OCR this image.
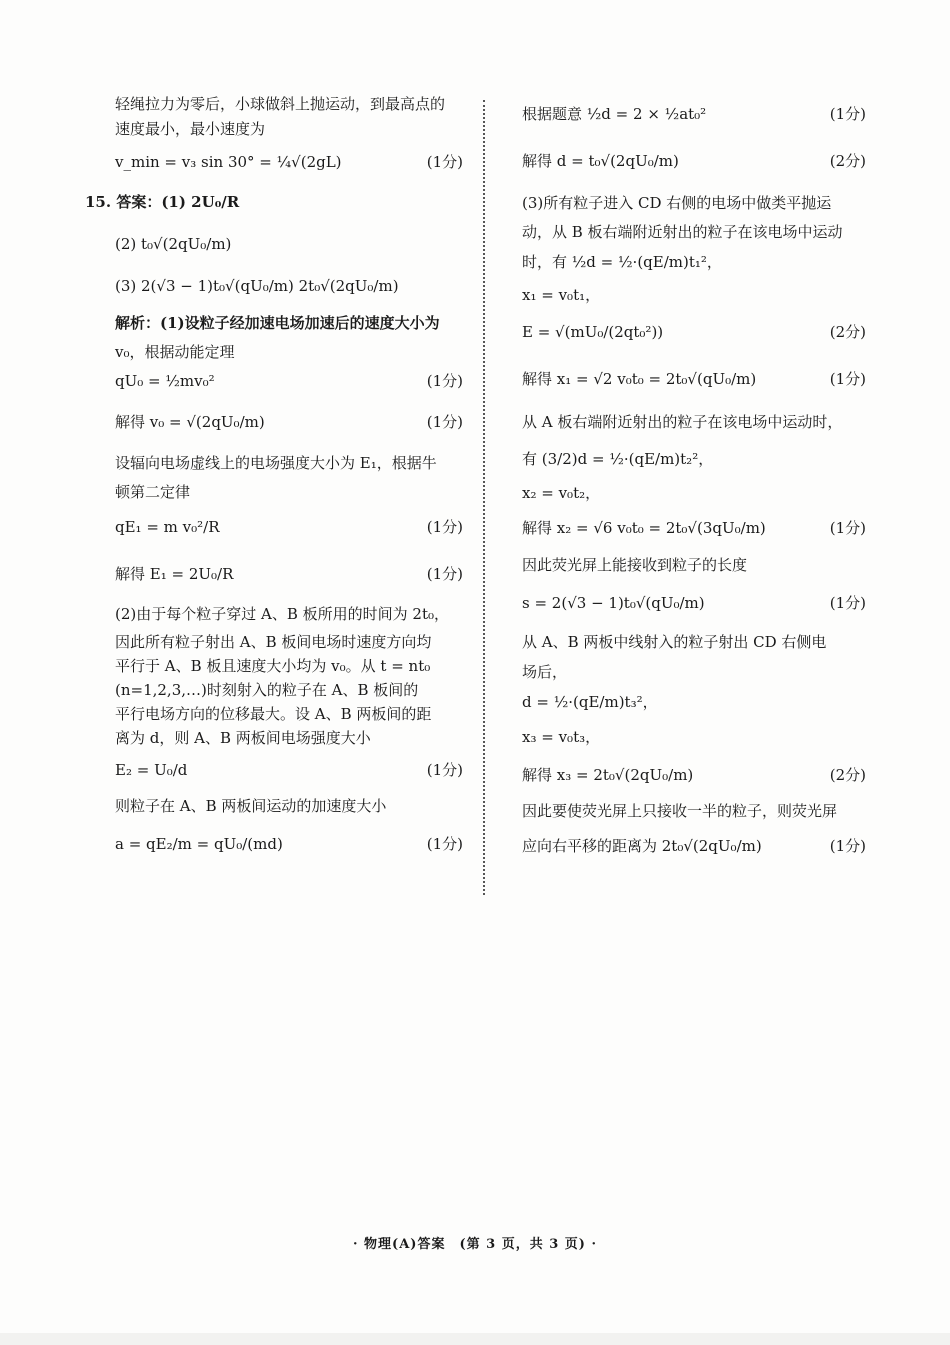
轻绳拉力为零后，小球做斜上抛运动，到最高点的
速度最小，最小速度为
v_min = v₃ sin 30° = ¼√(2gL)	(1分)
15. 答案：(1) 2U₀/R
(2) t₀√(2qU₀/m)
(3) 2(√3 − 1)t₀√(qU₀/m) 2t₀√(2qU₀/m)
解析：(1)设粒子经加速电场加速后的速度大小为
v₀，根据动能定理
qU₀ = ½mv₀²	(1分)
解得 v₀ = √(2qU₀/m)	(1分)
设辐向电场虚线上的电场强度大小为 E₁，根据牛
顿第二定律
qE₁ = m v₀²/R	(1分)
解得 E₁ = 2U₀/R	(1分)
(2)由于每个粒子穿过 A、B 板所用的时间为 2t₀，
因此所有粒子射出 A、B 板间电场时速度方向均
平行于 A、B 板且速度大小均为 v₀。从 t = nt₀
(n=1,2,3,…)时刻射入的粒子在 A、B 板间的
平行电场方向的位移最大。设 A、B 两板间的距
离为 d，则 A、B 两板间电场强度大小
E₂ = U₀/d	(1分)
则粒子在 A、B 两板间运动的加速度大小
a = qE₂/m = qU₀/(md)	(1分)
根据题意 ½d = 2 × ½at₀²	(1分)
解得 d = t₀√(2qU₀/m)	(2分)
(3)所有粒子进入 CD 右侧的电场中做类平抛运
动，从 B 板右端附近射出的粒子在该电场中运动
时，有 ½d = ½·(qE/m)t₁²，
x₁ = v₀t₁，
E = √(mU₀/(2qt₀²))	(2分)
解得 x₁ = √2 v₀t₀ = 2t₀√(qU₀/m)	(1分)
从 A 板右端附近射出的粒子在该电场中运动时，
有 (3/2)d = ½·(qE/m)t₂²，
x₂ = v₀t₂，
解得 x₂ = √6 v₀t₀ = 2t₀√(3qU₀/m)	(1分)
因此荧光屏上能接收到粒子的长度
s = 2(√3 − 1)t₀√(qU₀/m)	(1分)
从 A、B 两板中线射入的粒子射出 CD 右侧电
场后，
d = ½·(qE/m)t₃²，
x₃ = v₀t₃，
解得 x₃ = 2t₀√(2qU₀/m)	(2分)
因此要使荧光屏上只接收一半的粒子，则荧光屏
应向右平移的距离为 2t₀√(2qU₀/m)	(1分)
· 物理(A)答案　(第 3 页，共 3 页) ·
